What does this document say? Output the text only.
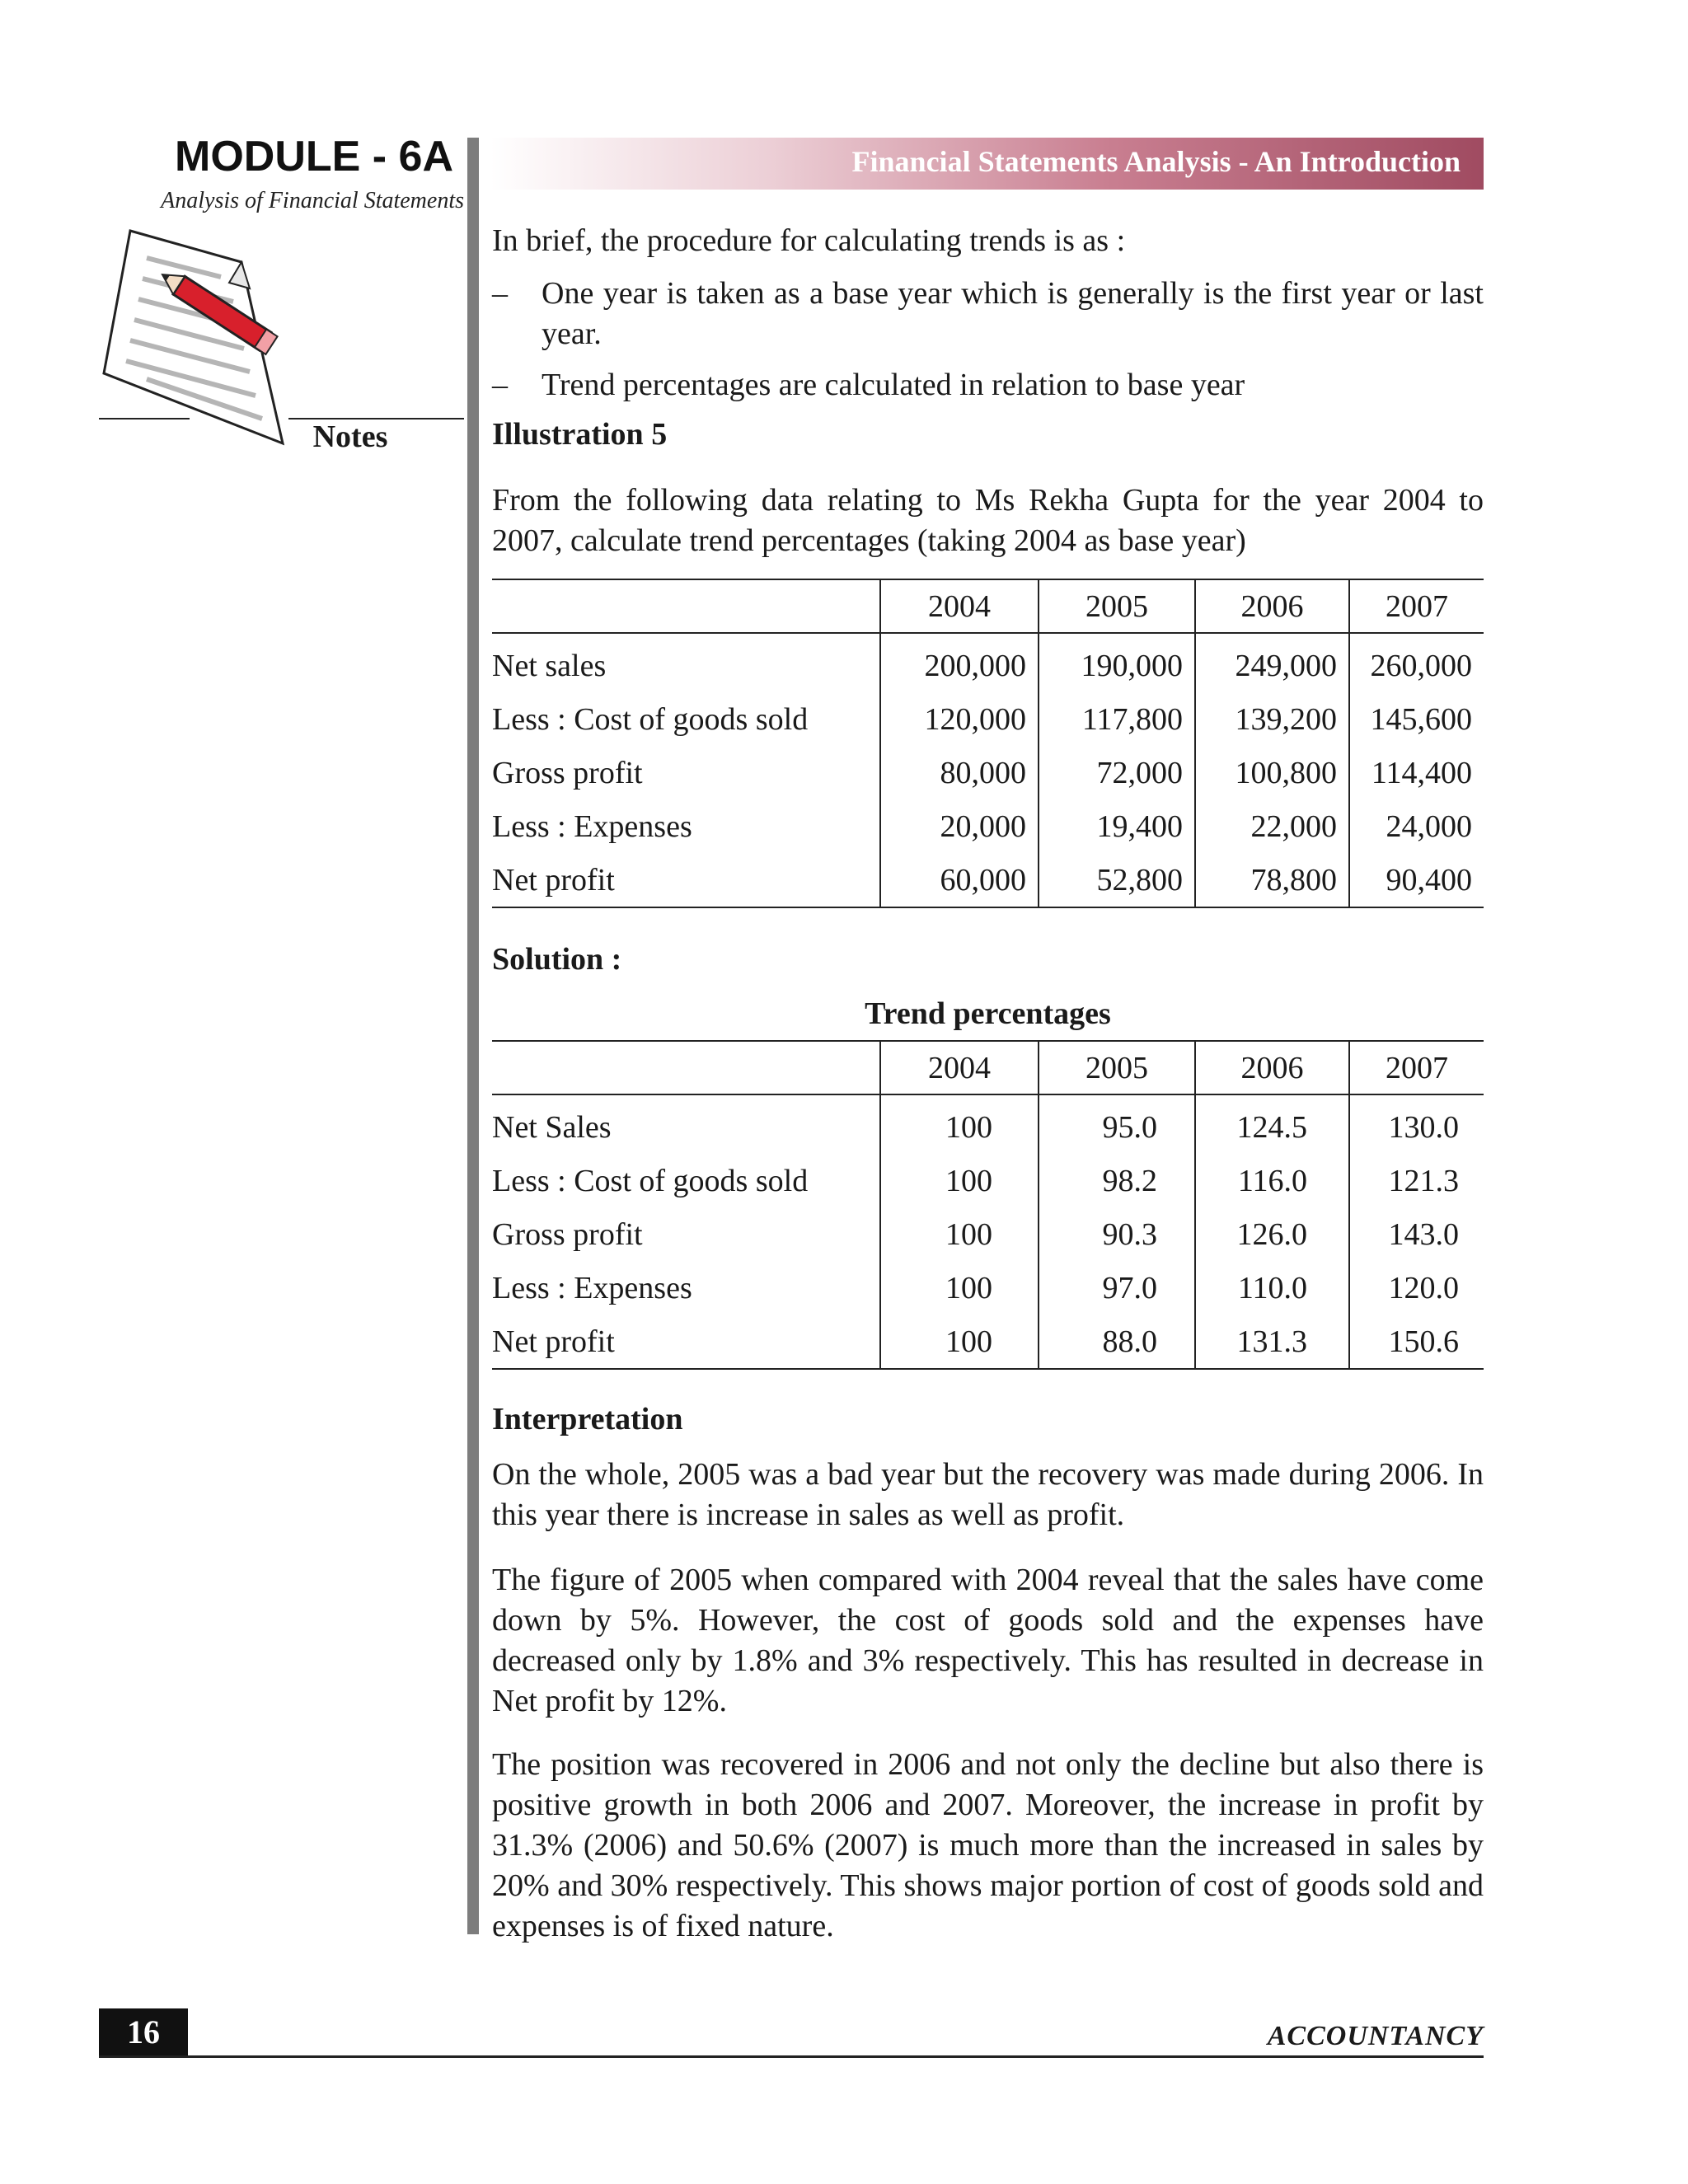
MODULE - 6A
Analysis of Financial Statements
Notes
Financial Statements Analysis - An Introduction
In brief, the procedure for calculating trends is as :
– One year is taken as a base year which is generally is the first year or last year.
– Trend percentages are calculated in relation to base year
Illustration 5
From the following data relating to Ms Rekha Gupta for the year 2004 to 2007, calculate trend percentages (taking 2004 as base year)
	2004	2005	2006	2007
Net sales	200,000	190,000	249,000	260,000
Less : Cost of goods sold	120,000	117,800	139,200	145,600
Gross profit	80,000	72,000	100,800	114,400
Less : Expenses	20,000	19,400	22,000	24,000
Net profit	60,000	52,800	78,800	90,400
Solution :
Trend percentages
	2004	2005	2006	2007
Net Sales	100	95.0	124.5	130.0
Less : Cost of goods sold	100	98.2	116.0	121.3
Gross profit	100	90.3	126.0	143.0
Less : Expenses	100	97.0	110.0	120.0
Net profit	100	88.0	131.3	150.6
Interpretation

On the whole, 2005 was a bad year but the recovery was made during 2006. In this year there is increase in sales as well as profit.

The figure of 2005 when compared with 2004 reveal that the sales have come down by 5%. However, the cost of goods sold and the expenses have decreased only by 1.8% and 3% respectively. This has resulted in decrease in Net profit by 12%.

The position was recovered in 2006 and not only the decline but also there is positive growth in both 2006 and 2007. Moreover, the increase in profit by 31.3% (2006) and 50.6% (2007) is much more than the increased in sales by 20% and 30% respectively. This shows major portion of cost of goods sold and expenses is of fixed nature.

16	ACCOUNTANCY
